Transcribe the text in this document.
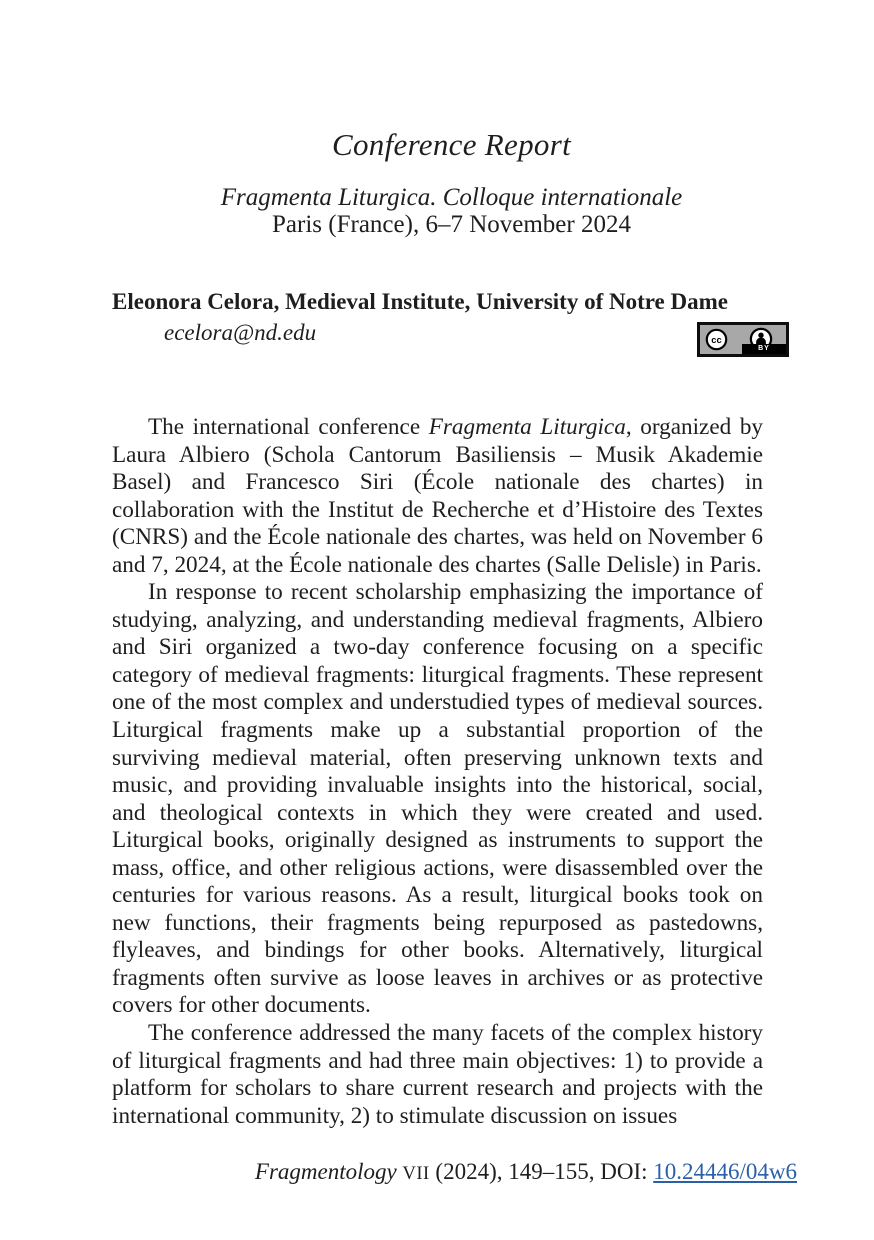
Conference Report
Fragmenta Liturgica. Colloque internationale
Paris (France), 6–7 November 2024
Eleonora Celora, Medieval Institute, University of Notre Dame
ecelora@nd.edu	cc
BY

The international conference Fragmenta Liturgica, organized by Laura Albiero (Schola Cantorum Basiliensis – Musik Akademie Basel) and Francesco Siri (École nationale des chartes) in collaboration with the Institut de Recherche et d’Histoire des Textes (CNRS) and the École nationale des chartes, was held on November 6 and 7, 2024, at the École nationale des chartes (Salle Delisle) in Paris.

In response to recent scholarship emphasizing the importance of studying, analyzing, and understanding medieval fragments, Albiero and Siri organized a two-day conference focusing on a specific category of medieval fragments: liturgical fragments. These represent one of the most complex and understudied types of medieval sources. Liturgical fragments make up a substantial proportion of the surviving medieval material, often preserving unknown texts and music, and providing invaluable insights into the historical, social, and theological contexts in which they were created and used. Liturgical books, originally designed as instruments to support the mass, office, and other religious actions, were disassembled over the centuries for various reasons. As a result, liturgical books took on new functions, their fragments being repurposed as pastedowns, flyleaves, and bindings for other books. Alternatively, liturgical fragments often survive as loose leaves in archives or as protective covers for other documents.

The conference addressed the many facets of the complex history of liturgical fragments and had three main objectives: 1) to provide a platform for scholars to share current research and projects with the international community, 2) to stimulate discussion on issues

Fragmentology VII (2024), 149–155, DOI: 10.24446/04w6
